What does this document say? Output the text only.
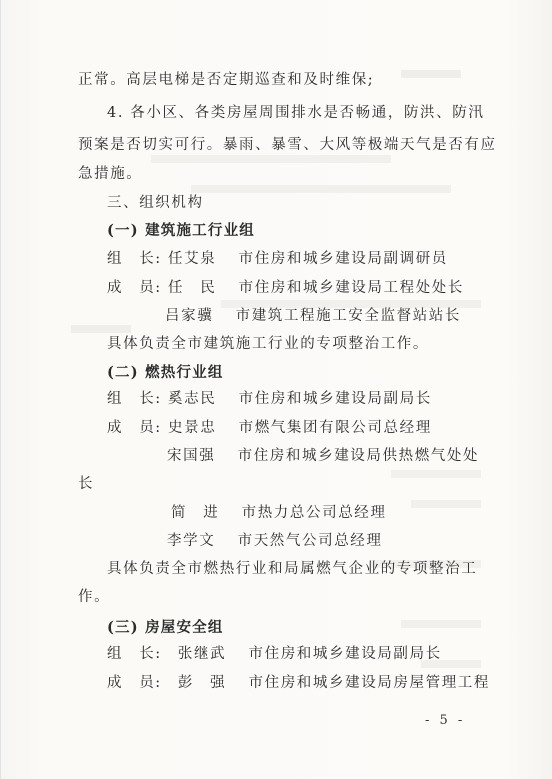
正常。高层电梯是否定期巡查和及时维保;
4. 各小区、各类房屋周围排水是否畅通，防洪、防汛
预案是否切实可行。暴雨、暴雪、大风等极端天气是否有应
急措施。
三、组织机构
(一) 建筑施工行业组
组　长: 任艾泉　 市住房和城乡建设局副调研员
成　员: 任　民　 市住房和城乡建设局工程处处长
吕家骥　 市建筑工程施工安全监督站站长
具体负责全市建筑施工行业的专项整治工作。
(二) 燃热行业组
组　长: 奚志民　 市住房和城乡建设局副局长
成　员: 史景忠　 市燃气集团有限公司总经理
宋国强　 市住房和城乡建设局供热燃气处处
长
简　进　 市热力总公司总经理
李学文　 市天然气公司总经理
具体负责全市燃热行业和局属燃气企业的专项整治工
作。
(三) 房屋安全组
组　长:　张继武　 市住房和城乡建设局副局长
成　员:　彭　强　 市住房和城乡建设局房屋管理工程
- 5 -
